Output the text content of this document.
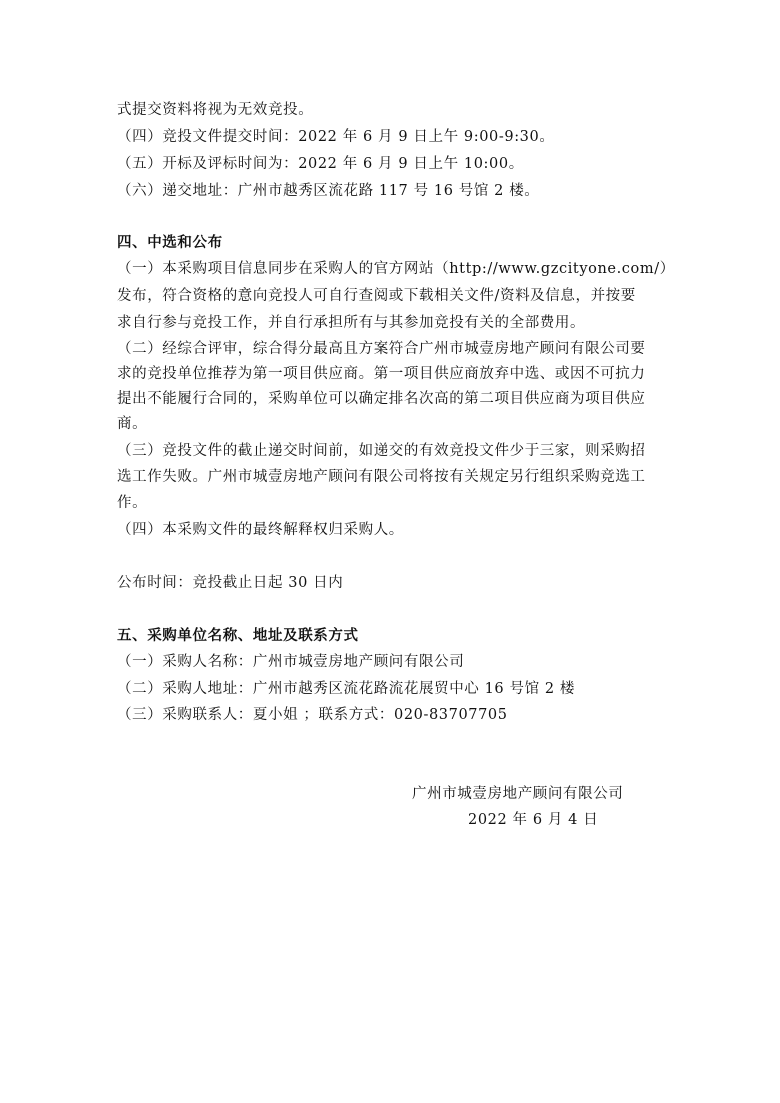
式提交资料将视为无效竞投。
（四）竞投文件提交时间：2022 年 6 月 9 日上午 9:00-9:30。
（五）开标及评标时间为：2022 年 6 月 9 日上午 10:00。
（六）递交地址：广州市越秀区流花路 117 号 16 号馆 2 楼。
四、中选和公布
（一）本采购项目信息同步在采购人的官方网站（http://www.gzcityone.com/）
发布，符合资格的意向竞投人可自行查阅或下载相关文件/资料及信息，并按要
求自行参与竞投工作，并自行承担所有与其参加竞投有关的全部费用。
（二）经综合评审，综合得分最高且方案符合广州市城壹房地产顾问有限公司要
求的竞投单位推荐为第一项目供应商。第一项目供应商放弃中选、或因不可抗力
提出不能履行合同的，采购单位可以确定排名次高的第二项目供应商为项目供应
商。
（三）竞投文件的截止递交时间前，如递交的有效竞投文件少于三家，则采购招
选工作失败。广州市城壹房地产顾问有限公司将按有关规定另行组织采购竞选工
作。
（四）本采购文件的最终解释权归采购人。
公布时间：竞投截止日起 30 日内
五、采购单位名称、地址及联系方式
（一）采购人名称：广州市城壹房地产顾问有限公司
（二）采购人地址：广州市越秀区流花路流花展贸中心 16 号馆 2 楼
（三）采购联系人：夏小姐 ；联系方式：020-83707705
广州市城壹房地产顾问有限公司
2022 年 6 月 4 日
